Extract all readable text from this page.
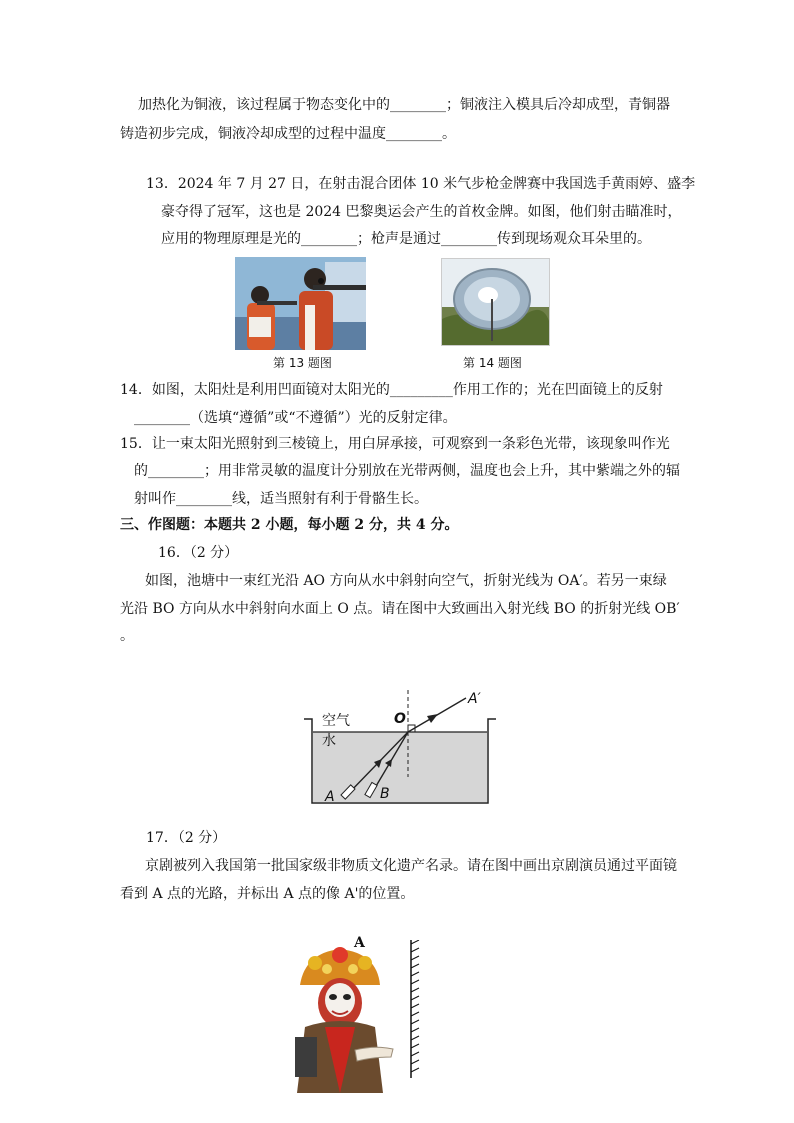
加热化为铜液，该过程属于物态变化中的________；铜液注入模具后冷却成型，青铜器
铸造初步完成，铜液冷却成型的过程中温度________。
13．2024 年 7 月 27 日，在射击混合团体 10 米气步枪金牌赛中我国选手黄雨婷、盛李
豪夺得了冠军，这也是 2024 巴黎奥运会产生的首枚金牌。如图，他们射击瞄准时，
应用的物理原理是光的________；枪声是通过________传到现场观众耳朵里的。
第 13 题图	第 14 题图
14．如图，太阳灶是利用凹面镜对太阳光的_________作用工作的；光在凹面镜上的反射
________（选填“遵循”或“不遵循”）光的反射定律。
15．让一束太阳光照射到三棱镜上，用白屏承接，可观察到一条彩色光带，该现象叫作光
的________；用非常灵敏的温度计分别放在光带两侧，温度也会上升，其中紫端之外的辐
射叫作________线，适当照射有利于骨骼生长。
三、作图题：本题共 2 小题，每小题 2 分，共 4 分。
16．（2 分）
如图，池塘中一束红光沿 AO 方向从水中斜射向空气，折射光线为 OA′。若另一束绿
光沿 BO 方向从水中斜射向水面上 O 点。请在图中大致画出入射光线 BO 的折射光线 OB′
。
空气
水
O
A′
A	B
17．（2 分）
京剧被列入我国第一批国家级非物质文化遗产名录。请在图中画出京剧演员通过平面镜
看到 A 点的光路，并标出 A 点的像 A'的位置。
A
